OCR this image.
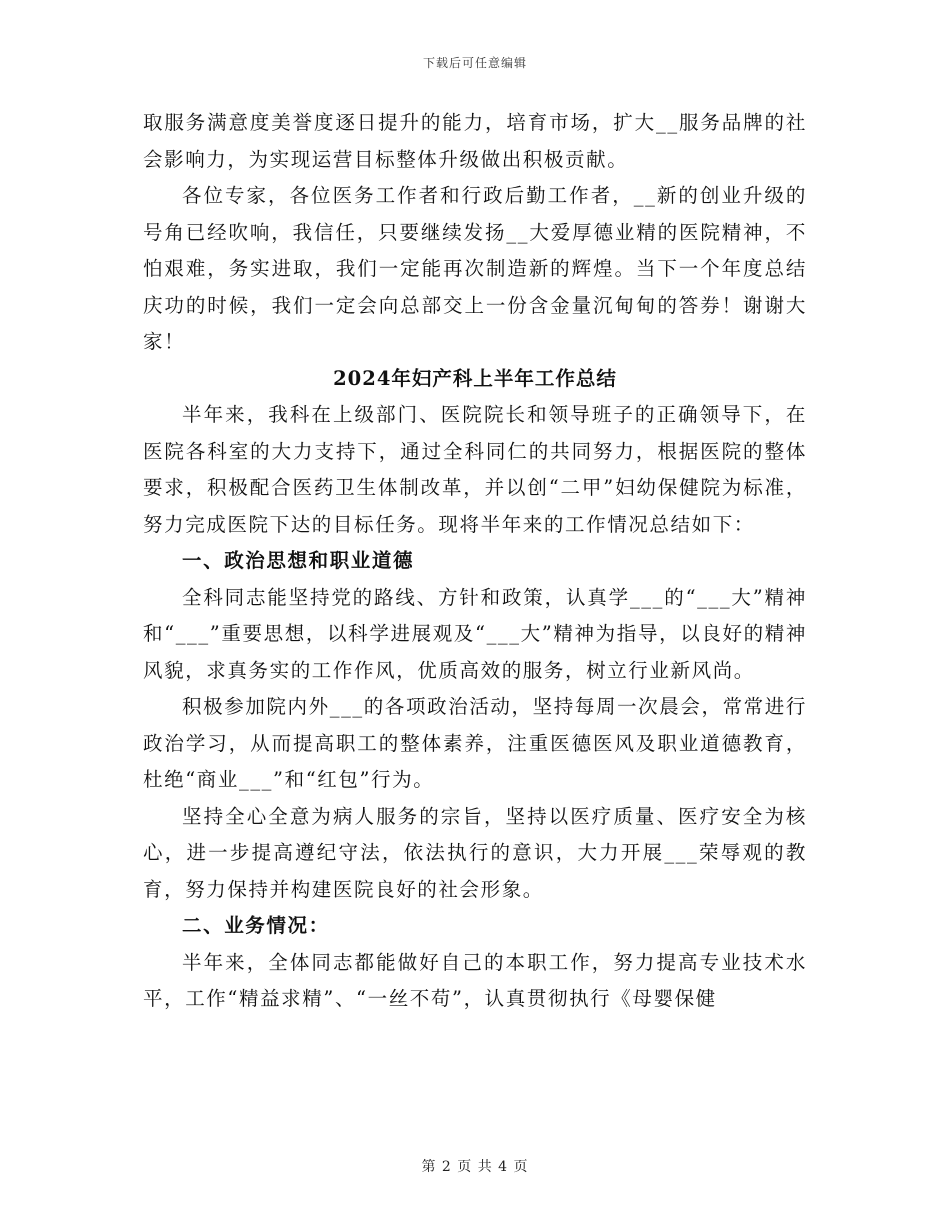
下载后可任意编辑

取服务满意度美誉度逐日提升的能力，培育市场，扩大__服务品牌的社会影响力，为实现运营目标整体升级做出积极贡献。

各位专家，各位医务工作者和行政后勤工作者，__新的创业升级的号角已经吹响，我信任，只要继续发扬__大爱厚德业精的医院精神，不怕艰难，务实进取，我们一定能再次制造新的辉煌。当下一个年度总结庆功的时候，我们一定会向总部交上一份含金量沉甸甸的答券！谢谢大家！

2024年妇产科上半年工作总结

半年来，我科在上级部门、医院院长和领导班子的正确领导下，在医院各科室的大力支持下，通过全科同仁的共同努力，根据医院的整体要求，积极配合医药卫生体制改革，并以创“二甲”妇幼保健院为标准，努力完成医院下达的目标任务。现将半年来的工作情况总结如下：

一、政治思想和职业道德

全科同志能坚持党的路线、方针和政策，认真学___的“___大”精神和“___”重要思想，以科学进展观及“___大”精神为指导，以良好的精神风貌，求真务实的工作作风，优质高效的服务，树立行业新风尚。

积极参加院内外___的各项政治活动，坚持每周一次晨会，常常进行政治学习，从而提高职工的整体素养，注重医德医风及职业道德教育，杜绝“商业___”和“红包”行为。

坚持全心全意为病人服务的宗旨，坚持以医疗质量、医疗安全为核心，进一步提高遵纪守法，依法执行的意识，大力开展___荣辱观的教育，努力保持并构建医院良好的社会形象。

二、业务情况：

半年来，全体同志都能做好自己的本职工作，努力提高专业技术水平，工作“精益求精”、“一丝不苟”，认真贯彻执行《母婴保健

第 2 页 共 4 页
